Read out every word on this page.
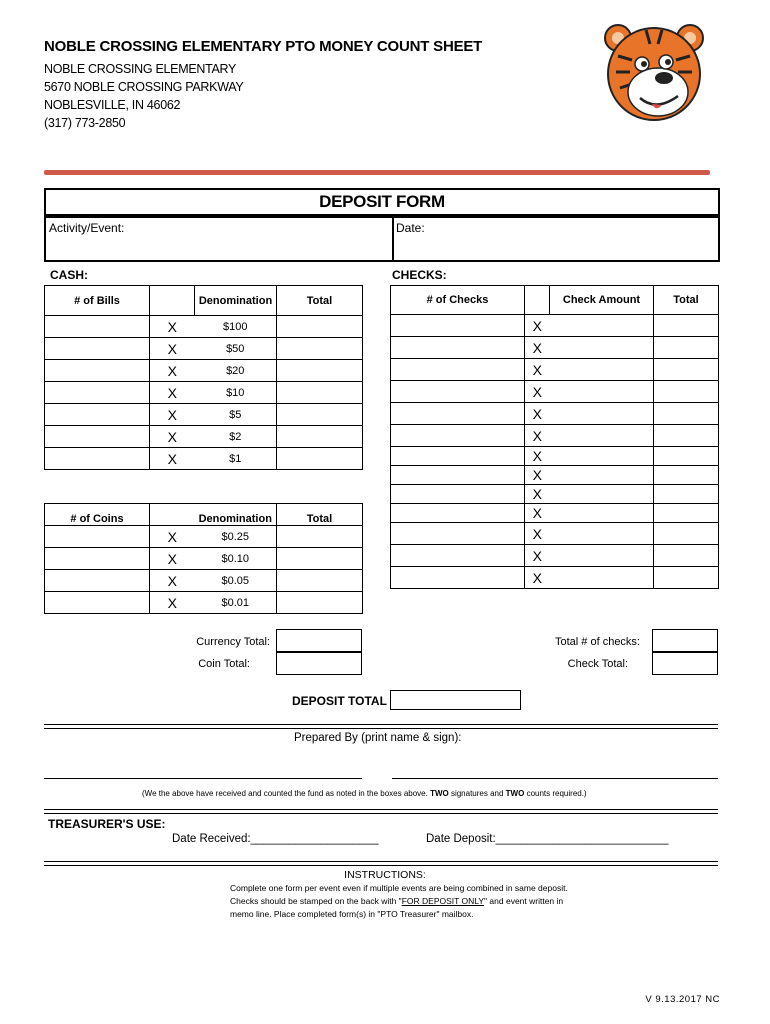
NOBLE CROSSING ELEMENTARY PTO MONEY COUNT SHEET
NOBLE CROSSING ELEMENTARY
5670 NOBLE CROSSING PARKWAY
NOBLESVILLE, IN 46062
(317) 773-2850
DEPOSIT FORM
Activity/Event:	Date:
CASH:	CHECKS:
# of Bills		Denomination	Total
	X	$100	
	X	$50	
	X	$20	
	X	$10	
	X	$5	
	X	$2	
	X	$1	
# of Coins		Denomination	Total
	X	$0.25	
	X	$0.10	
	X	$0.05	
	X	$0.01	
# of Checks		Check Amount	Total
	X		
	X		
	X		
	X		
	X		
	X		
	X		
	X		
	X		
	X		
	X		
	X		
	X		
Currency Total:
Coin Total:
Total # of checks:
Check Total:
DEPOSIT TOTAL
Prepared By (print name & sign):
(We the above have received and counted the fund as noted in the boxes above. TWO signatures and TWO counts required.)
TREASURER'S USE:
Date Received:____________________	Date Deposit:___________________________
INSTRUCTIONS:
Complete one form per event even if multiple events are being combined in same deposit.
Checks should be stamped on the back with "FOR DEPOSIT ONLY" and event written in
memo line. Place completed form(s) in "PTO Treasurer" mailbox.
V 9.13.2017 NC
